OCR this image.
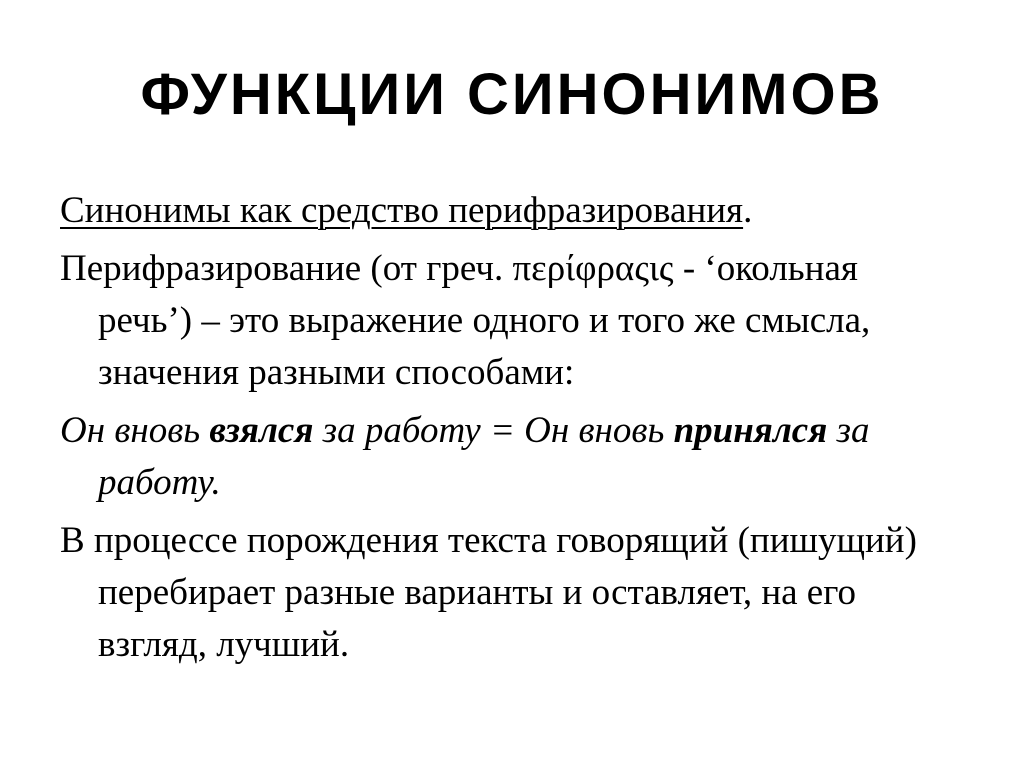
ФУНКЦИИ СИНОНИМОВ

Синонимы как средство перифразирования.

Перифразирование (от греч. περίφραςις - ‘окольная речь’) – это выражение одного и того же смысла, значения разными способами:

Он вновь взялся за работу = Он вновь принялся за работу.

В процессе порождения текста говорящий (пишущий) перебирает разные варианты и оставляет, на его взгляд, лучший.
